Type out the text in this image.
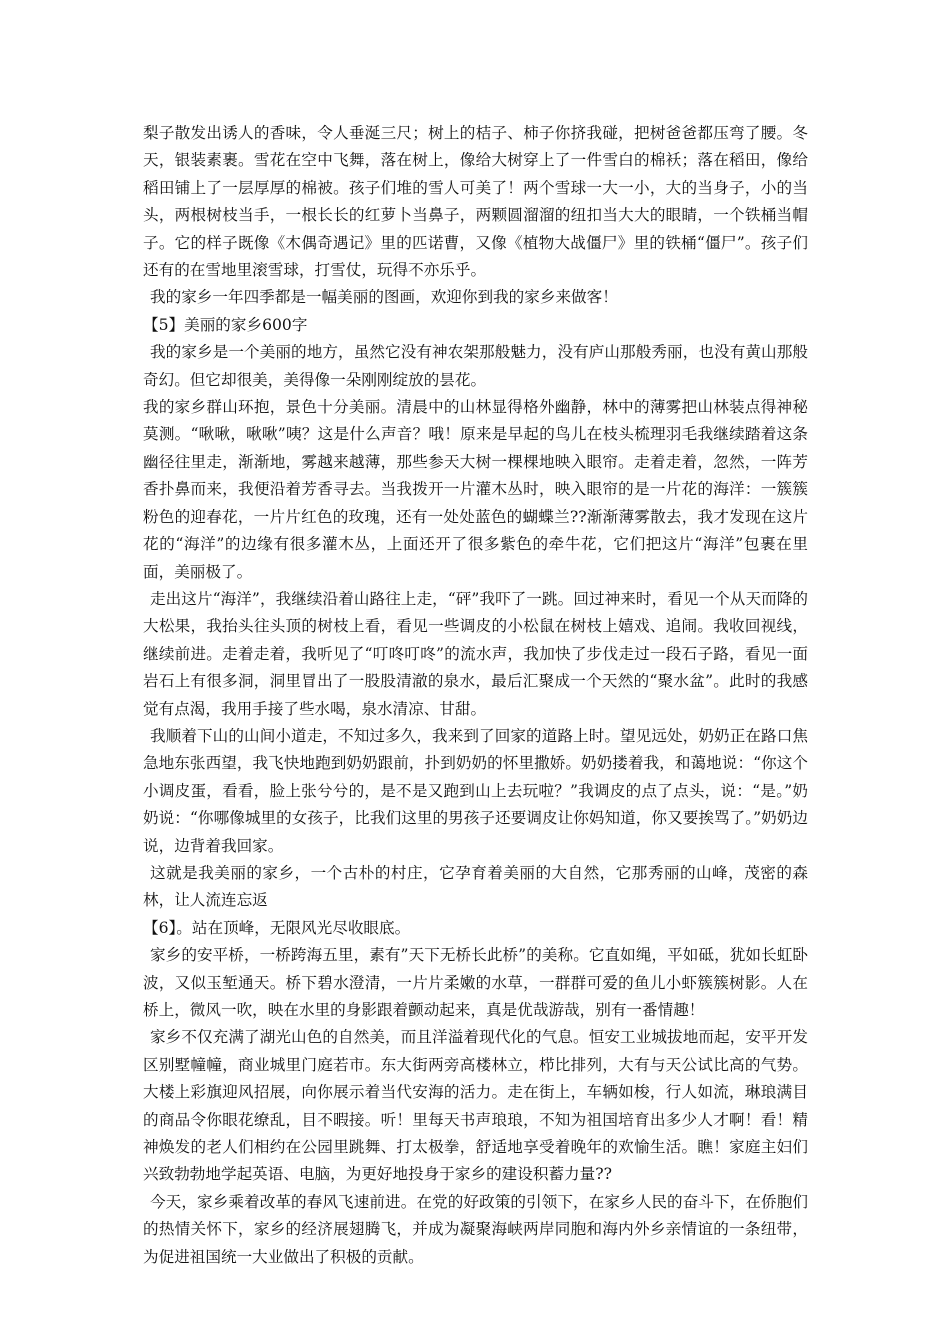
梨子散发出诱人的香味，令人垂涎三尺；树上的桔子、柿子你挤我碰，把树爸爸都压弯了腰。冬天，银装素裹。雪花在空中飞舞，落在树上，像给大树穿上了一件雪白的棉袄；落在稻田，像给稻田铺上了一层厚厚的棉被。孩子们堆的雪人可美了！两个雪球一大一小，大的当身子，小的当头，两根树枝当手，一根长长的红萝卜当鼻子，两颗圆溜溜的纽扣当大大的眼睛，一个铁桶当帽子。它的样子既像《木偶奇遇记》里的匹诺曹，又像《植物大战僵尸》里的铁桶“僵尸”。孩子们还有的在雪地里滚雪球，打雪仗，玩得不亦乐乎。

我的家乡一年四季都是一幅美丽的图画，欢迎你到我的家乡来做客！

【5】美丽的家乡600字

我的家乡是一个美丽的地方，虽然它没有神农架那般魅力，没有庐山那般秀丽，也没有黄山那般奇幻。但它却很美，美得像一朵刚刚绽放的昙花。

我的家乡群山环抱，景色十分美丽。清晨中的山林显得格外幽静，林中的薄雾把山林装点得神秘莫测。“啾啾，啾啾”咦？这是什么声音？哦！原来是早起的鸟儿在枝头梳理羽毛我继续踏着这条幽径往里走，渐渐地，雾越来越薄，那些参天大树一棵棵地映入眼帘。走着走着，忽然，一阵芳香扑鼻而来，我便沿着芳香寻去。当我拨开一片灌木丛时，映入眼帘的是一片花的海洋：一簇簇粉色的迎春花，一片片红色的玫瑰，还有一处处蓝色的蝴蝶兰??渐渐薄雾散去，我才发现在这片花的“海洋”的边缘有很多灌木丛，上面还开了很多紫色的牵牛花，它们把这片“海洋”包裹在里面，美丽极了。

走出这片“海洋”，我继续沿着山路往上走，“砰”我吓了一跳。回过神来时，看见一个从天而降的大松果，我抬头往头顶的树枝上看，看见一些调皮的小松鼠在树枝上嬉戏、追闹。我收回视线，继续前进。走着走着，我听见了“叮咚叮咚”的流水声，我加快了步伐走过一段石子路，看见一面岩石上有很多洞，洞里冒出了一股股清澈的泉水，最后汇聚成一个天然的“聚水盆”。此时的我感觉有点渴，我用手接了些水喝，泉水清凉、甘甜。

我顺着下山的山间小道走，不知过多久，我来到了回家的道路上时。望见远处，奶奶正在路口焦急地东张西望，我飞快地跑到奶奶跟前，扑到奶奶的怀里撒娇。奶奶搂着我，和蔼地说：“你这个小调皮蛋，看看，脸上张兮兮的，是不是又跑到山上去玩啦？”我调皮的点了点头，说：“是。”奶奶说：“你哪像城里的女孩子，比我们这里的男孩子还要调皮让你妈知道，你又要挨骂了。”奶奶边说，边背着我回家。

这就是我美丽的家乡，一个古朴的村庄，它孕育着美丽的大自然，它那秀丽的山峰，茂密的森林，让人流连忘返

【6】。站在顶峰，无限风光尽收眼底。

家乡的安平桥，一桥跨海五里，素有”天下无桥长此桥”的美称。它直如绳，平如砥，犹如长虹卧波，又似玉堑通天。桥下碧水澄清，一片片柔嫩的水草，一群群可爱的鱼儿小虾簇簇树影。人在桥上，微风一吹，映在水里的身影跟着颤动起来，真是优哉游哉，别有一番情趣！

家乡不仅充满了湖光山色的自然美，而且洋溢着现代化的气息。恒安工业城拔地而起，安平开发区别墅幢幢，商业城里门庭若市。东大街两旁高楼林立，栉比排列，大有与天公试比高的气势。大楼上彩旗迎风招展，向你展示着当代安海的活力。走在街上，车辆如梭，行人如流，琳琅满目的商品令你眼花缭乱，目不暇接。听！里每天书声琅琅，不知为祖国培育出多少人才啊！看！精神焕发的老人们相约在公园里跳舞、打太极拳，舒适地享受着晚年的欢愉生活。瞧！家庭主妇们兴致勃勃地学起英语、电脑，为更好地投身于家乡的建设积蓄力量??

今天，家乡乘着改革的春风飞速前进。在党的好政策的引领下，在家乡人民的奋斗下，在侨胞们的热情关怀下，家乡的经济展翅腾飞，并成为凝聚海峡两岸同胞和海内外乡亲情谊的一条纽带，为促进祖国统一大业做出了积极的贡献。
